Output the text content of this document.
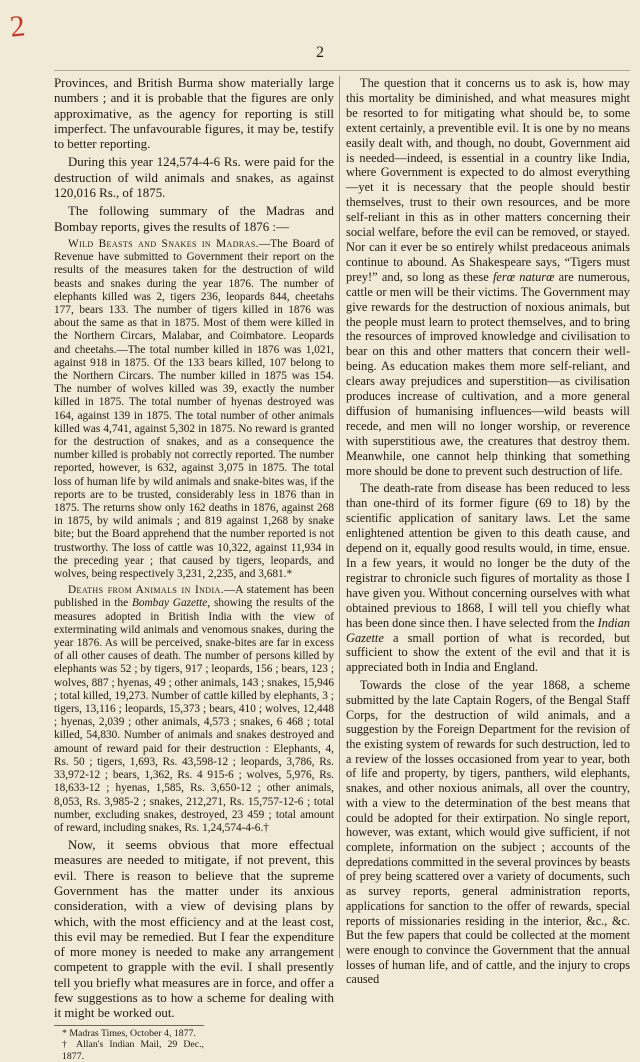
2
2

Provinces, and British Burma show materially large numbers ; and it is probable that the figures are only approximative, as the agency for reporting is still imperfect. The unfavourable figures, it may be, testify to better reporting.

During this year 124,574-4-6 Rs. were paid for the destruction of wild animals and snakes, as against 120,016 Rs., of 1875.

The following summary of the Madras and Bombay reports, gives the results of 1876 :—

Wild Beasts and Snakes in Madras.—The Board of Revenue have submitted to Government their report on the results of the measures taken for the destruction of wild beasts and snakes during the year 1876. The number of elephants killed was 2, tigers 236, leopards 844, cheetahs 177, bears 133. The number of tigers killed in 1876 was about the same as that in 1875. Most of them were killed in the Northern Circars, Malabar, and Coimbatore. Leopards and cheetahs.—The total number killed in 1876 was 1,021, against 918 in 1875. Of the 133 bears killed, 107 belong to the Northern Circars. The number killed in 1875 was 154. The number of wolves killed was 39, exactly the number killed in 1875. The total number of hyenas destroyed was 164, against 139 in 1875. The total number of other animals killed was 4,741, against 5,302 in 1875. No reward is granted for the destruction of snakes, and as a consequence the number killed is probably not correctly reported. The number reported, however, is 632, against 3,075 in 1875. The total loss of human life by wild animals and snake-bites was, if the reports are to be trusted, considerably less in 1876 than in 1875. The returns show only 162 deaths in 1876, against 268 in 1875, by wild animals ; and 819 against 1,268 by snake bite; but the Board apprehend that the number reported is not trustworthy. The loss of cattle was 10,322, against 11,934 in the preceding year ; that caused by tigers, leopards, and wolves, being respectively 3,231, 2,235, and 3,681.*

Deaths from Animals in India.—A statement has been published in the Bombay Gazette, showing the results of the measures adopted in British India with the view of exterminating wild animals and venomous snakes, during the year 1876. As will be perceived, snake-bites are far in excess of all other causes of death. The number of persons killed by elephants was 52 ; by tigers, 917 ; leopards, 156 ; bears, 123 ; wolves, 887 ; hyenas, 49 ; other animals, 143 ; snakes, 15,946 ; total killed, 19,273. Number of cattle killed by elephants, 3 ; tigers, 13,116 ; leopards, 15,373 ; bears, 410 ; wolves, 12,448 ; hyenas, 2,039 ; other animals, 4,573 ; snakes, 6 468 ; total killed, 54,830. Number of animals and snakes destroyed and amount of reward paid for their destruction : Elephants, 4, Rs. 50 ; tigers, 1,693, Rs. 43,598-12 ; leopards, 3,786, Rs. 33,972-12 ; bears, 1,362, Rs. 4 915-6 ; wolves, 5,976, Rs. 18,633-12 ; hyenas, 1,585, Rs. 3,650-12 ; other animals, 8,053, Rs. 3,985-2 ; snakes, 212,271, Rs. 15,757-12-6 ; total number, excluding snakes, destroyed, 23 459 ; total amount of reward, including snakes, Rs. 1,24,574-4-6.†

Now, it seems obvious that more effectual measures are needed to mitigate, if not prevent, this evil. There is reason to believe that the supreme Government has the matter under its anxious consideration, with a view of devising plans by which, with the most efficiency and at the least cost, this evil may be remedied. But I fear the expenditure of more money is needed to make any arrangement competent to grapple with the evil. I shall presently tell you briefly what measures are in force, and offer a few suggestions as to how a scheme for dealing with it might be worked out.

* Madras Times, October 4, 1877.
† Allan's Indian Mail, 29 Dec., 1877.

The question that it concerns us to ask is, how may this mortality be diminished, and what measures might be resorted to for mitigating what should be, to some extent certainly, a preventible evil. It is one by no means easily dealt with, and though, no doubt, Government aid is needed—indeed, is essential in a country like India, where Government is expected to do almost everything —yet it is necessary that the people should bestir themselves, trust to their own resources, and be more self-reliant in this as in other matters concerning their social welfare, before the evil can be removed, or stayed. Nor can it ever be so entirely whilst predaceous animals continue to abound. As Shakespeare says, “Tigers must prey!” and, so long as these ferœ naturœ are numerous, cattle or men will be their victims. The Government may give rewards for the destruction of noxious animals, but the people must learn to protect themselves, and to bring the resources of improved knowledge and civilisation to bear on this and other matters that concern their well-being. As education makes them more self-reliant, and clears away prejudices and superstition—as civilisation produces increase of cultivation, and a more general diffusion of humanising influences—wild beasts will recede, and men will no longer worship, or reverence with superstitious awe, the creatures that destroy them. Meanwhile, one cannot help thinking that something more should be done to prevent such destruction of life.

The death-rate from disease has been reduced to less than one-third of its former figure (69 to 18) by the scientific application of sanitary laws. Let the same enlightened attention be given to this death cause, and depend on it, equally good results would, in time, ensue. In a few years, it would no longer be the duty of the registrar to chronicle such figures of mortality as those I have given you. Without concerning ourselves with what obtained previous to 1868, I will tell you chiefly what has been done since then. I have selected from the Indian Gazette a small portion of what is recorded, but sufficient to show the extent of the evil and that it is appreciated both in India and England.

Towards the close of the year 1868, a scheme submitted by the late Captain Rogers, of the Bengal Staff Corps, for the destruction of wild animals, and a suggestion by the Foreign Department for the revision of the existing system of rewards for such destruction, led to a review of the losses occasioned from year to year, both of life and property, by tigers, panthers, wild elephants, snakes, and other noxious animals, all over the country, with a view to the determination of the best means that could be adopted for their extirpation. No single report, however, was extant, which would give sufficient, if not complete, information on the subject ; accounts of the depredations committed in the several provinces by beasts of prey being scattered over a variety of documents, such as survey reports, general administration reports, applications for sanction to the offer of rewards, special reports of missionaries residing in the interior, &c., &c. But the few papers that could be collected at the moment were enough to convince the Government that the annual losses of human life, and of cattle, and the injury to crops caused
